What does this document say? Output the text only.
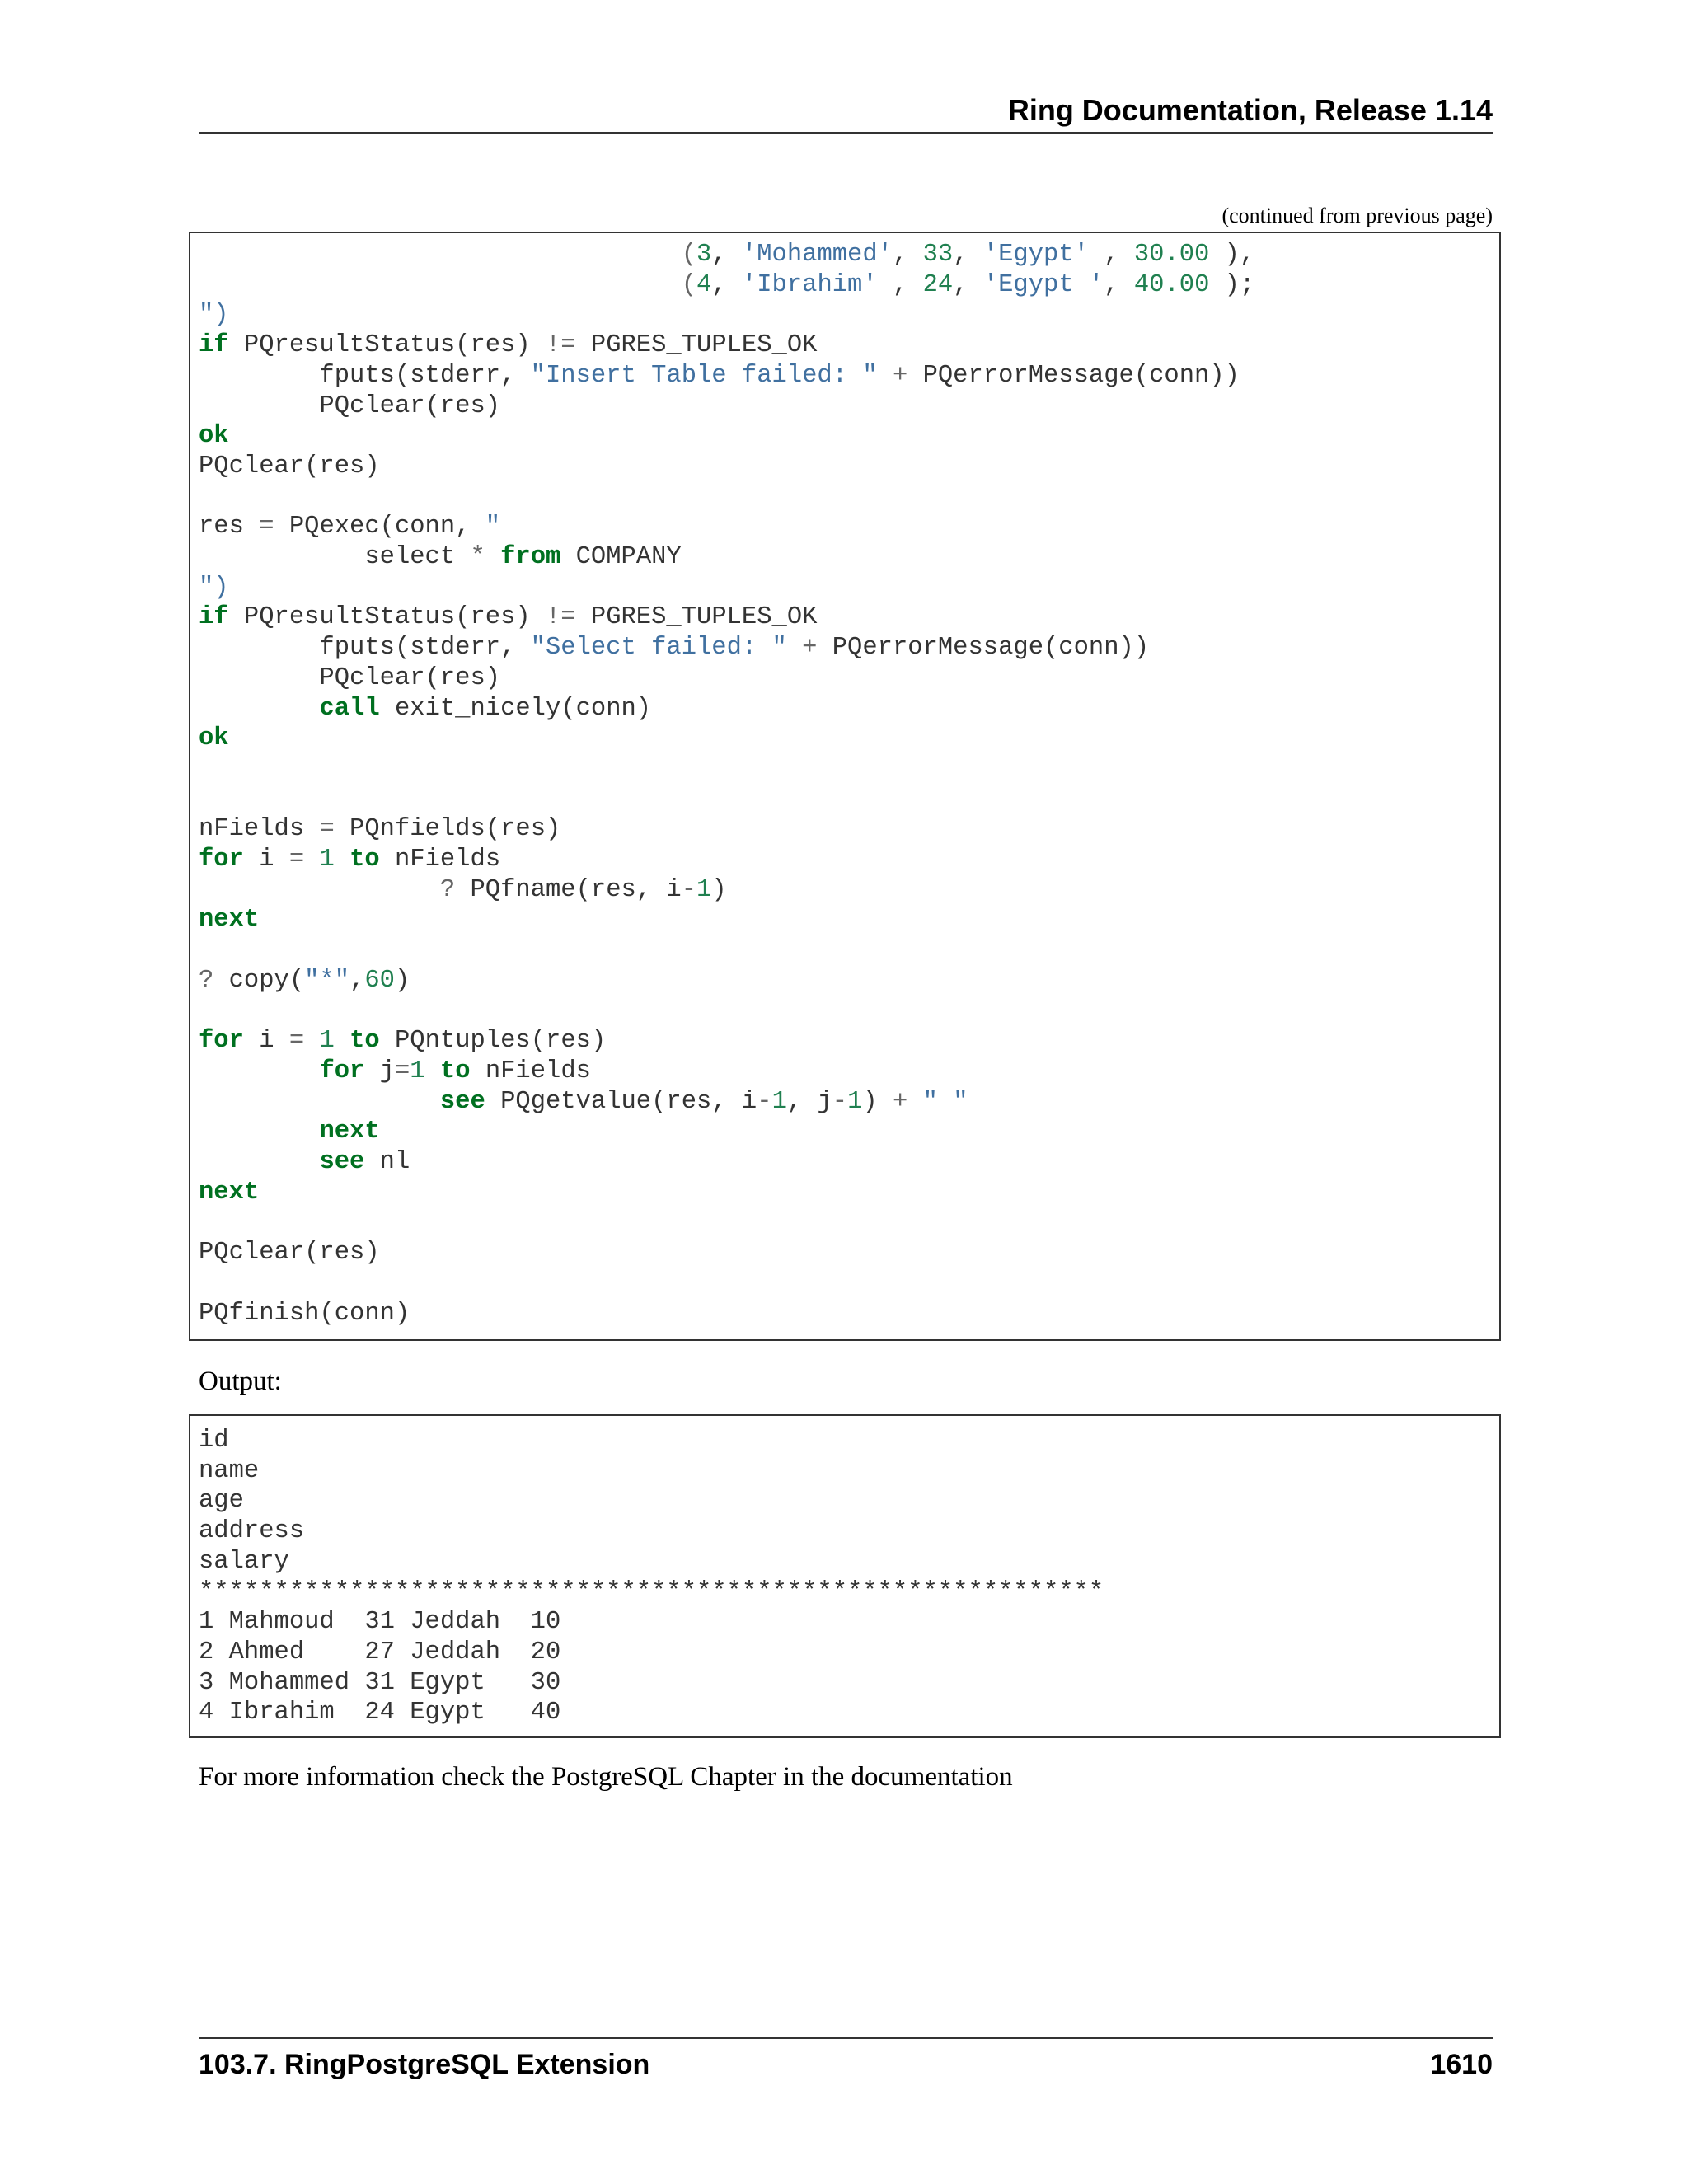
Ring Documentation, Release 1.14
(continued from previous page)
(3, 'Mohammed', 33, 'Egypt' , 30.00 ),
(4, 'Ibrahim' , 24, 'Egypt ', 40.00 );
")
if PQresultStatus(res) != PGRES_TUPLES_OK
fputs(stderr, "Insert Table failed: " + PQerrorMessage(conn))
PQclear(res)
ok
PQclear(res)

res = PQexec(conn, "
select * from COMPANY
")
if PQresultStatus(res) != PGRES_TUPLES_OK
fputs(stderr, "Select failed: " + PQerrorMessage(conn))
PQclear(res)
call exit_nicely(conn)
ok

nFields = PQnfields(res)
for i = 1 to nFields
? PQfname(res, i-1)
next

? copy("*",60)

for i = 1 to PQntuples(res)
for j=1 to nFields
see PQgetvalue(res, i-1, j-1) + " "
next
see nl
next

PQclear(res)

PQfinish(conn)
Output:
id
name
age
address
salary
************************************************************
1 Mahmoud  31 Jeddah  10
2 Ahmed    27 Jeddah  20
3 Mohammed 31 Egypt   30
4 Ibrahim  24 Egypt   40
For more information check the PostgreSQL Chapter in the documentation
103.7. RingPostgreSQL Extension	1610
